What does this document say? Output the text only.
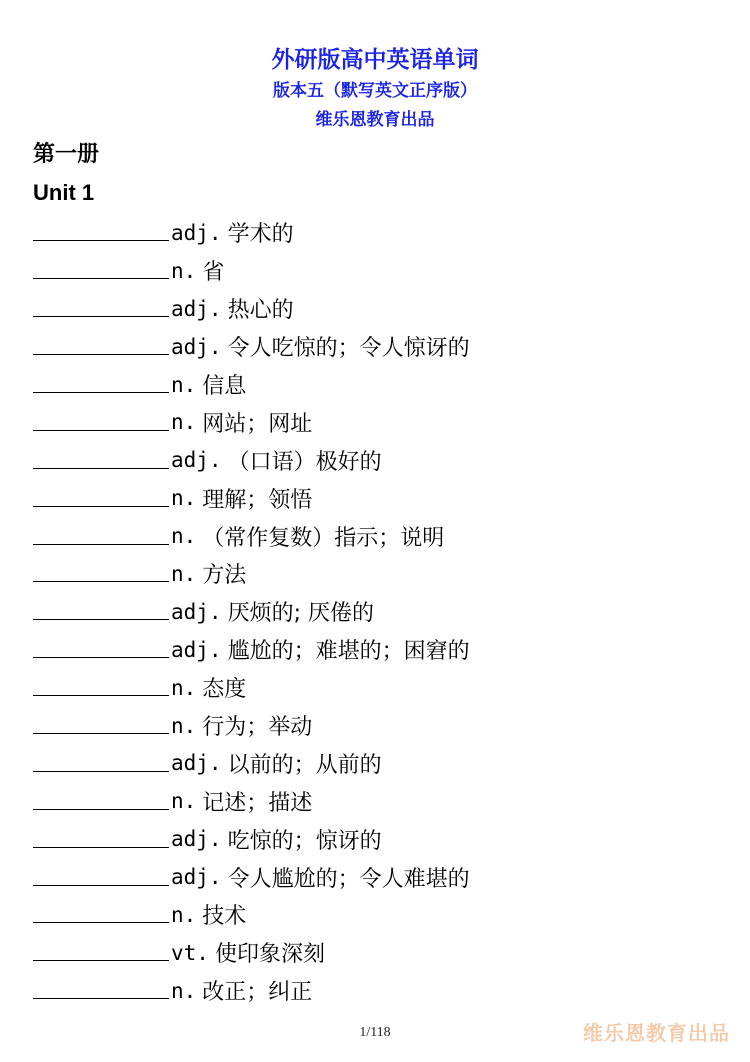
外研版高中英语单词
版本五（默写英文正序版）
维乐恩教育出品
第一册
Unit 1
adj. 学术的
n. 省
adj. 热心的
adj. 令人吃惊的；令人惊讶的
n. 信息
n. 网站；网址
adj. （口语）极好的
n. 理解；领悟
n. （常作复数）指示；说明
n. 方法
adj. 厌烦的; 厌倦的
adj. 尴尬的；难堪的；困窘的
n. 态度
n. 行为；举动
adj. 以前的；从前的
n. 记述；描述
adj. 吃惊的；惊讶的
adj. 令人尴尬的；令人难堪的
n. 技术
vt. 使印象深刻
n. 改正；纠正
1/118	维乐恩教育出品
